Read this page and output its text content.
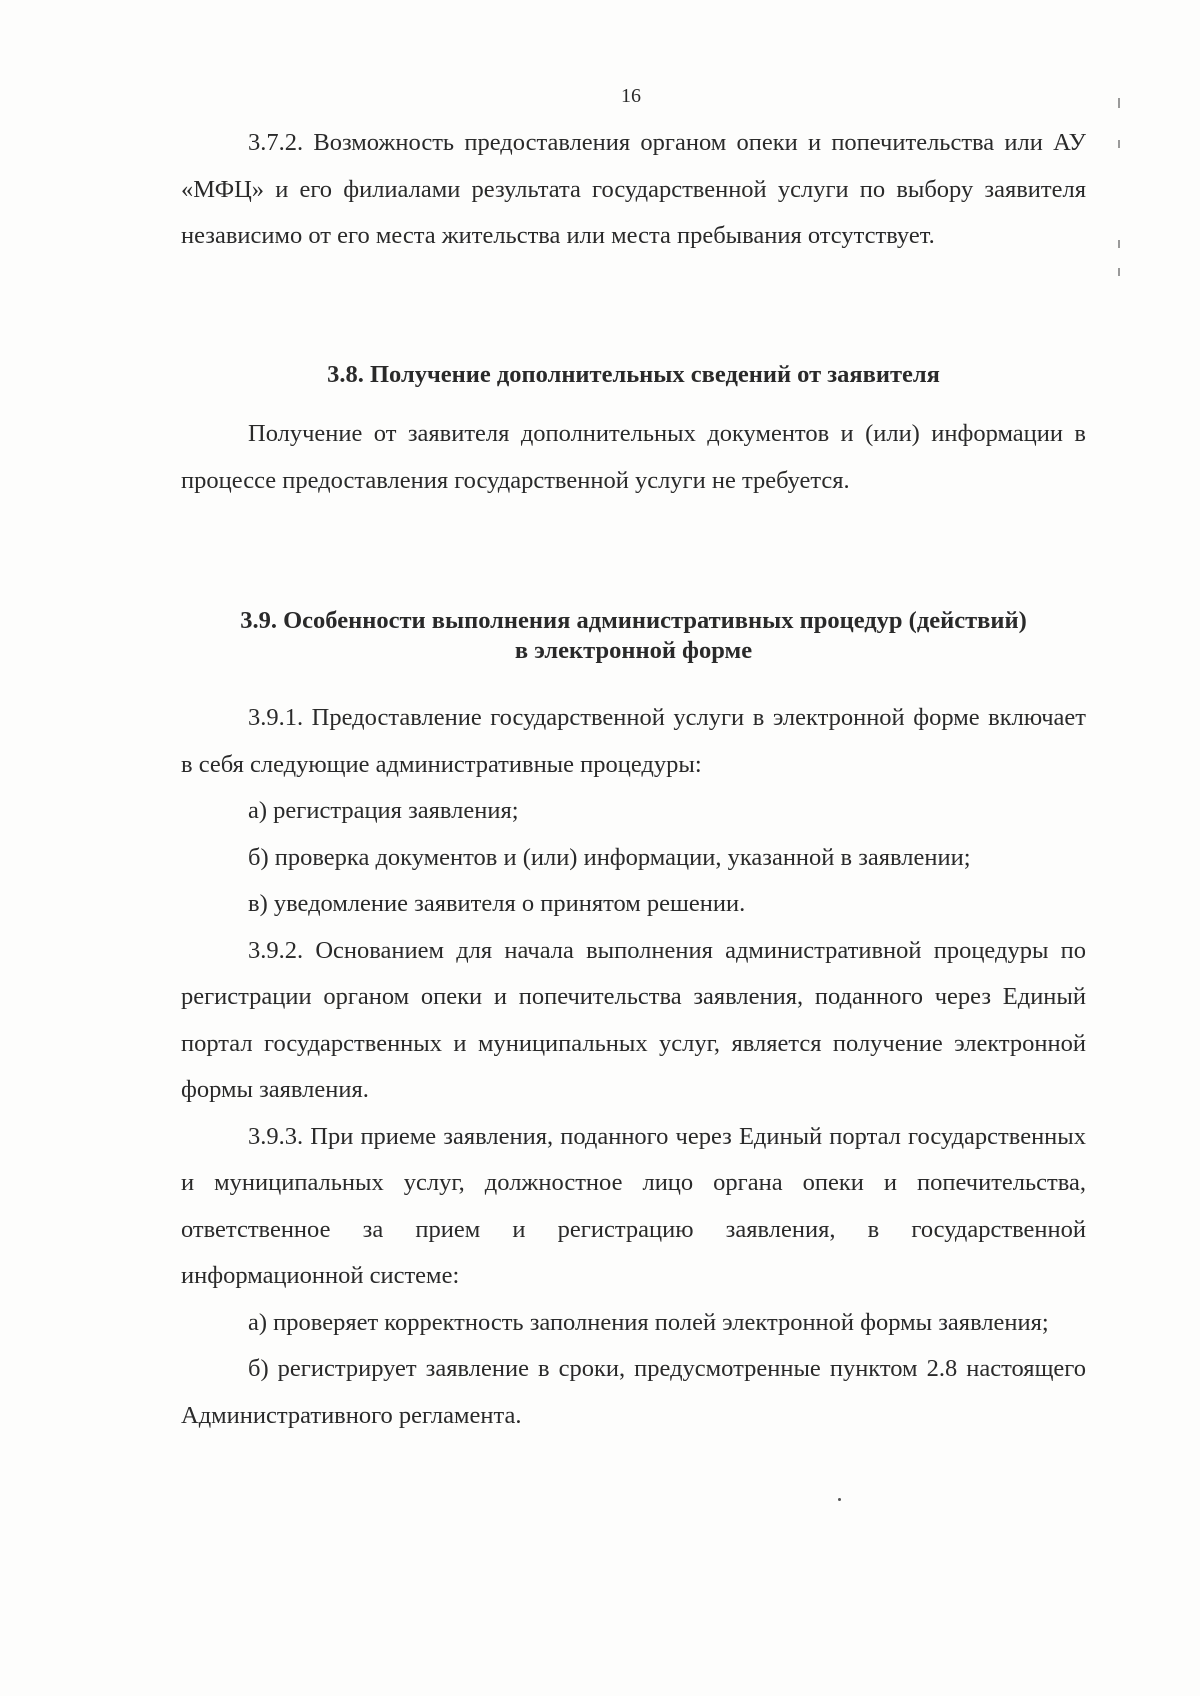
16

3.7.2. Возможность предоставления органом опеки и попечительства или АУ «МФЦ» и его филиалами результата государственной услуги по выбору заявителя независимо от его места жительства или места пребывания отсутствует.

3.8. Получение дополнительных сведений от заявителя

Получение от заявителя дополнительных документов и (или) информации в процессе предоставления государственной услуги не требуется.

3.9. Особенности выполнения административных процедур (действий)
в электронной форме

3.9.1. Предоставление государственной услуги в электронной форме включает в себя следующие административные процедуры:

а) регистрация заявления;

б) проверка документов и (или) информации, указанной в заявлении;

в) уведомление заявителя о принятом решении.

3.9.2. Основанием для начала выполнения административной процедуры по регистрации органом опеки и попечительства заявления, поданного через Единый портал государственных и муниципальных услуг, является получение электронной формы заявления.

3.9.3. При приеме заявления, поданного через Единый портал государственных и муниципальных услуг, должностное лицо органа опеки и попечительства, ответственное за прием и регистрацию заявления, в государственной информационной системе:

а) проверяет корректность заполнения полей электронной формы заявления;

б) регистрирует заявление в сроки, предусмотренные пунктом 2.8 настоящего Административного регламента.
